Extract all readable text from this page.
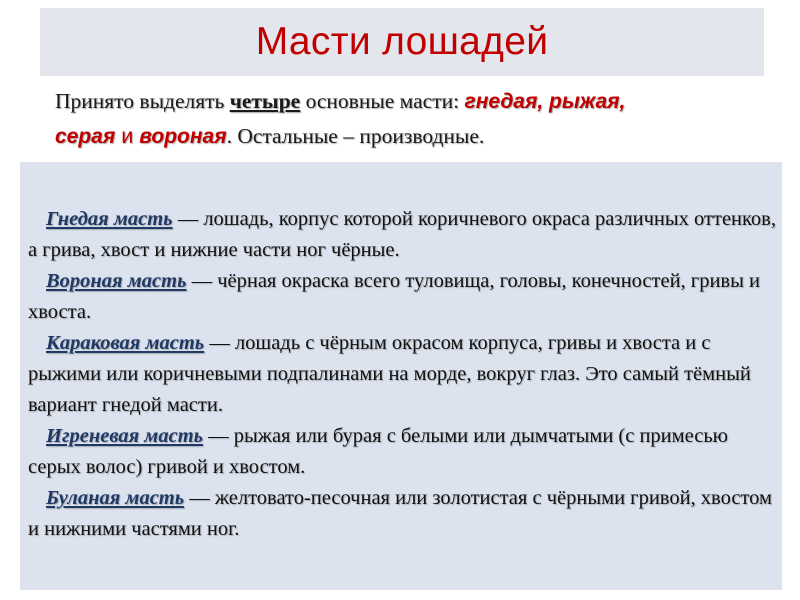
Масти лошадей
Принято выделять четыре основные масти: гнедая, рыжая,
серая и вороная. Остальные – производные.

Гнедая масть — лошадь, корпус которой коричневого окраса различных оттенков, а грива, хвост и нижние части ног чёрные.

Вороная масть — чёрная окраска всего туловища, головы, конечностей, гривы и хвоста.

Караковая масть — лошадь с чёрным окрасом корпуса, гривы и хвоста и с рыжими или коричневыми подпалинами на морде, вокруг глаз. Это самый тёмный вариант гнедой масти.

Игреневая масть — рыжая или бурая с белыми или дымчатыми (с примесью серых волос) гривой и хвостом.

Буланая масть — желтовато-песочная или золотистая с чёрными гривой, хвостом и нижними частями ног.
